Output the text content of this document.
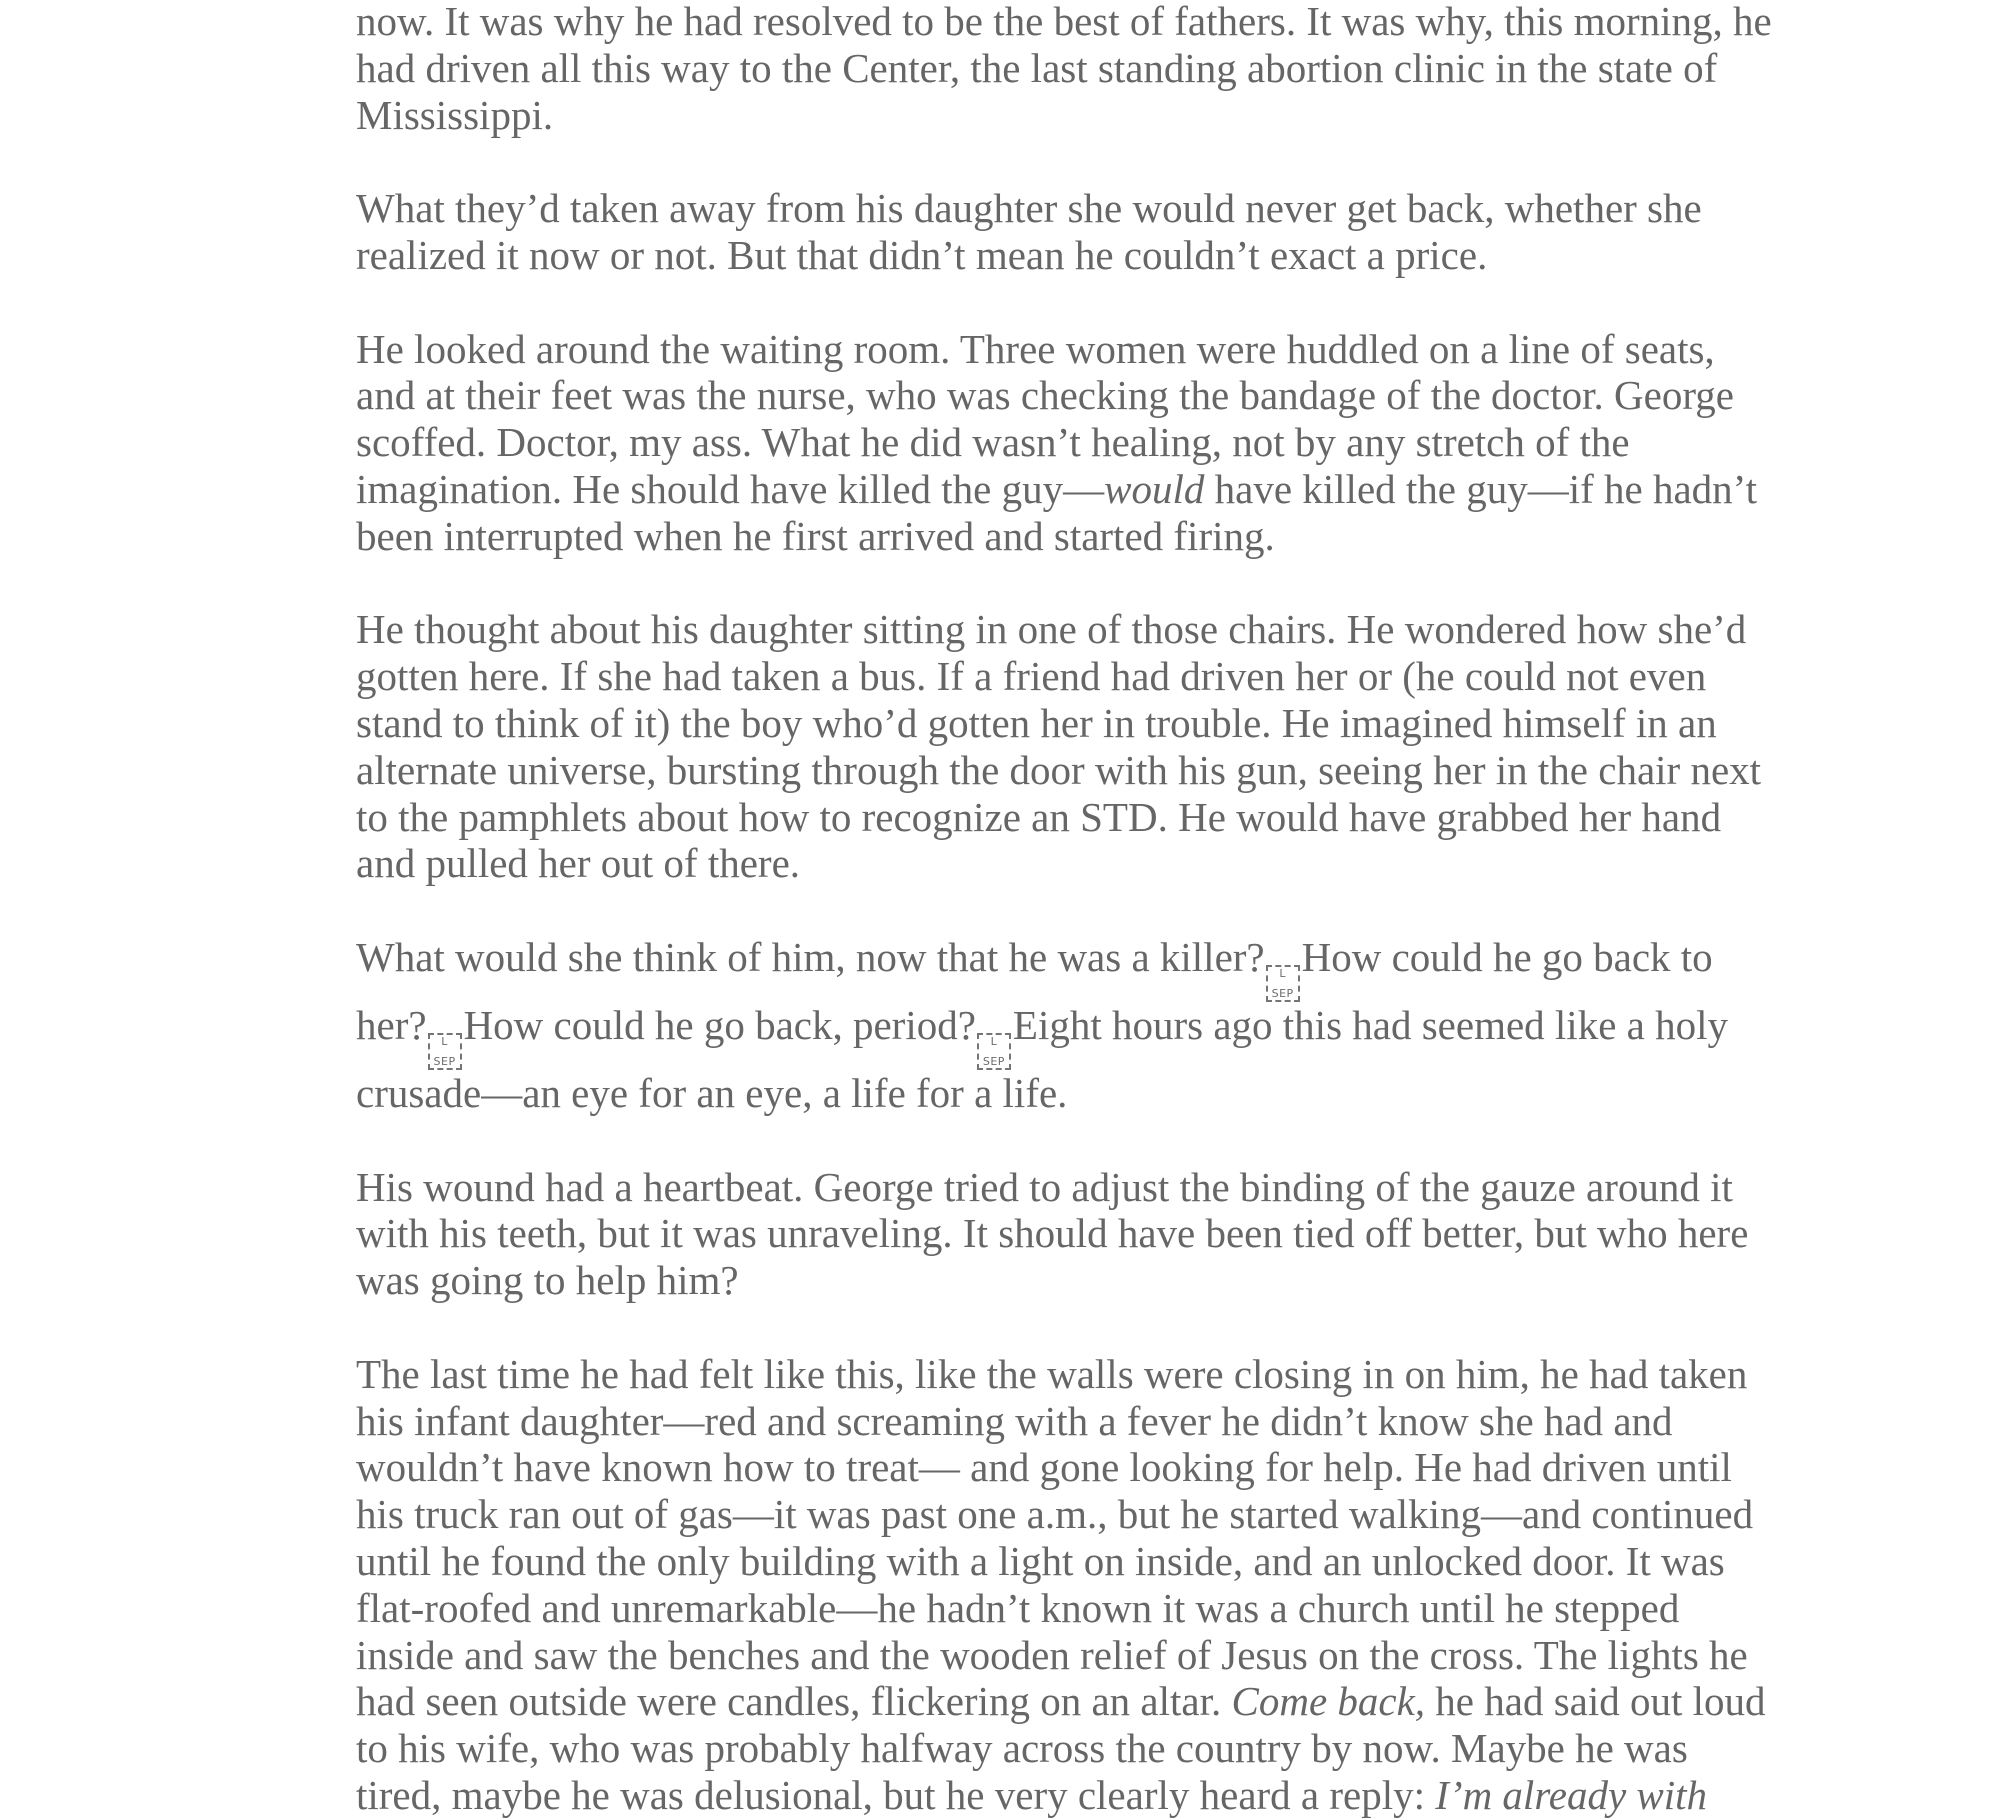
now. It was why he had resolved to be the best of fathers. It was why, this morning, he
had driven all this way to the Center, the last standing abortion clinic in the state of
Mississippi.
What they’d taken away from his daughter she would never get back, whether she
realized it now or not. But that didn’t mean he couldn’t exact a price.
He looked around the waiting room. Three women were huddled on a line of seats,
and at their feet was the nurse, who was checking the bandage of the doctor. George
scoffed. Doctor, my ass. What he did wasn’t healing, not by any stretch of the
imagination. He should have killed the guy—would have killed the guy—if he hadn’t
been interrupted when he first arrived and started firing.
He thought about his daughter sitting in one of those chairs. He wondered how she’d
gotten here. If she had taken a bus. If a friend had driven her or (he could not even
stand to think of it) the boy who’d gotten her in trouble. He imagined himself in an
alternate universe, bursting through the door with his gun, seeing her in the chair next
to the pamphlets about how to recognize an STD. He would have grabbed her hand
and pulled her out of there.
What would she think of him, now that he was a killer? L
SEP
How could he go back to
her? L
SEP
How could he go back, period? L
SEP
Eight hours ago this had seemed like a holy
crusade—an eye for an eye, a life for a life.
His wound had a heartbeat. George tried to adjust the binding of the gauze around it
with his teeth, but it was unraveling. It should have been tied off better, but who here
was going to help him?
The last time he had felt like this, like the walls were closing in on him, he had taken
his infant daughter—red and screaming with a fever he didn’t know she had and
wouldn’t have known how to treat— and gone looking for help. He had driven until
his truck ran out of gas—it was past one a.m., but he started walking—and continued
until he found the only building with a light on inside, and an unlocked door. It was
flat-roofed and unremarkable—he hadn’t known it was a church until he stepped
inside and saw the benches and the wooden relief of Jesus on the cross. The lights he
had seen outside were candles, flickering on an altar. Come back, he had said out loud
to his wife, who was probably halfway across the country by now. Maybe he was
tired, maybe he was delusional, but he very clearly heard a reply: I’m already with
